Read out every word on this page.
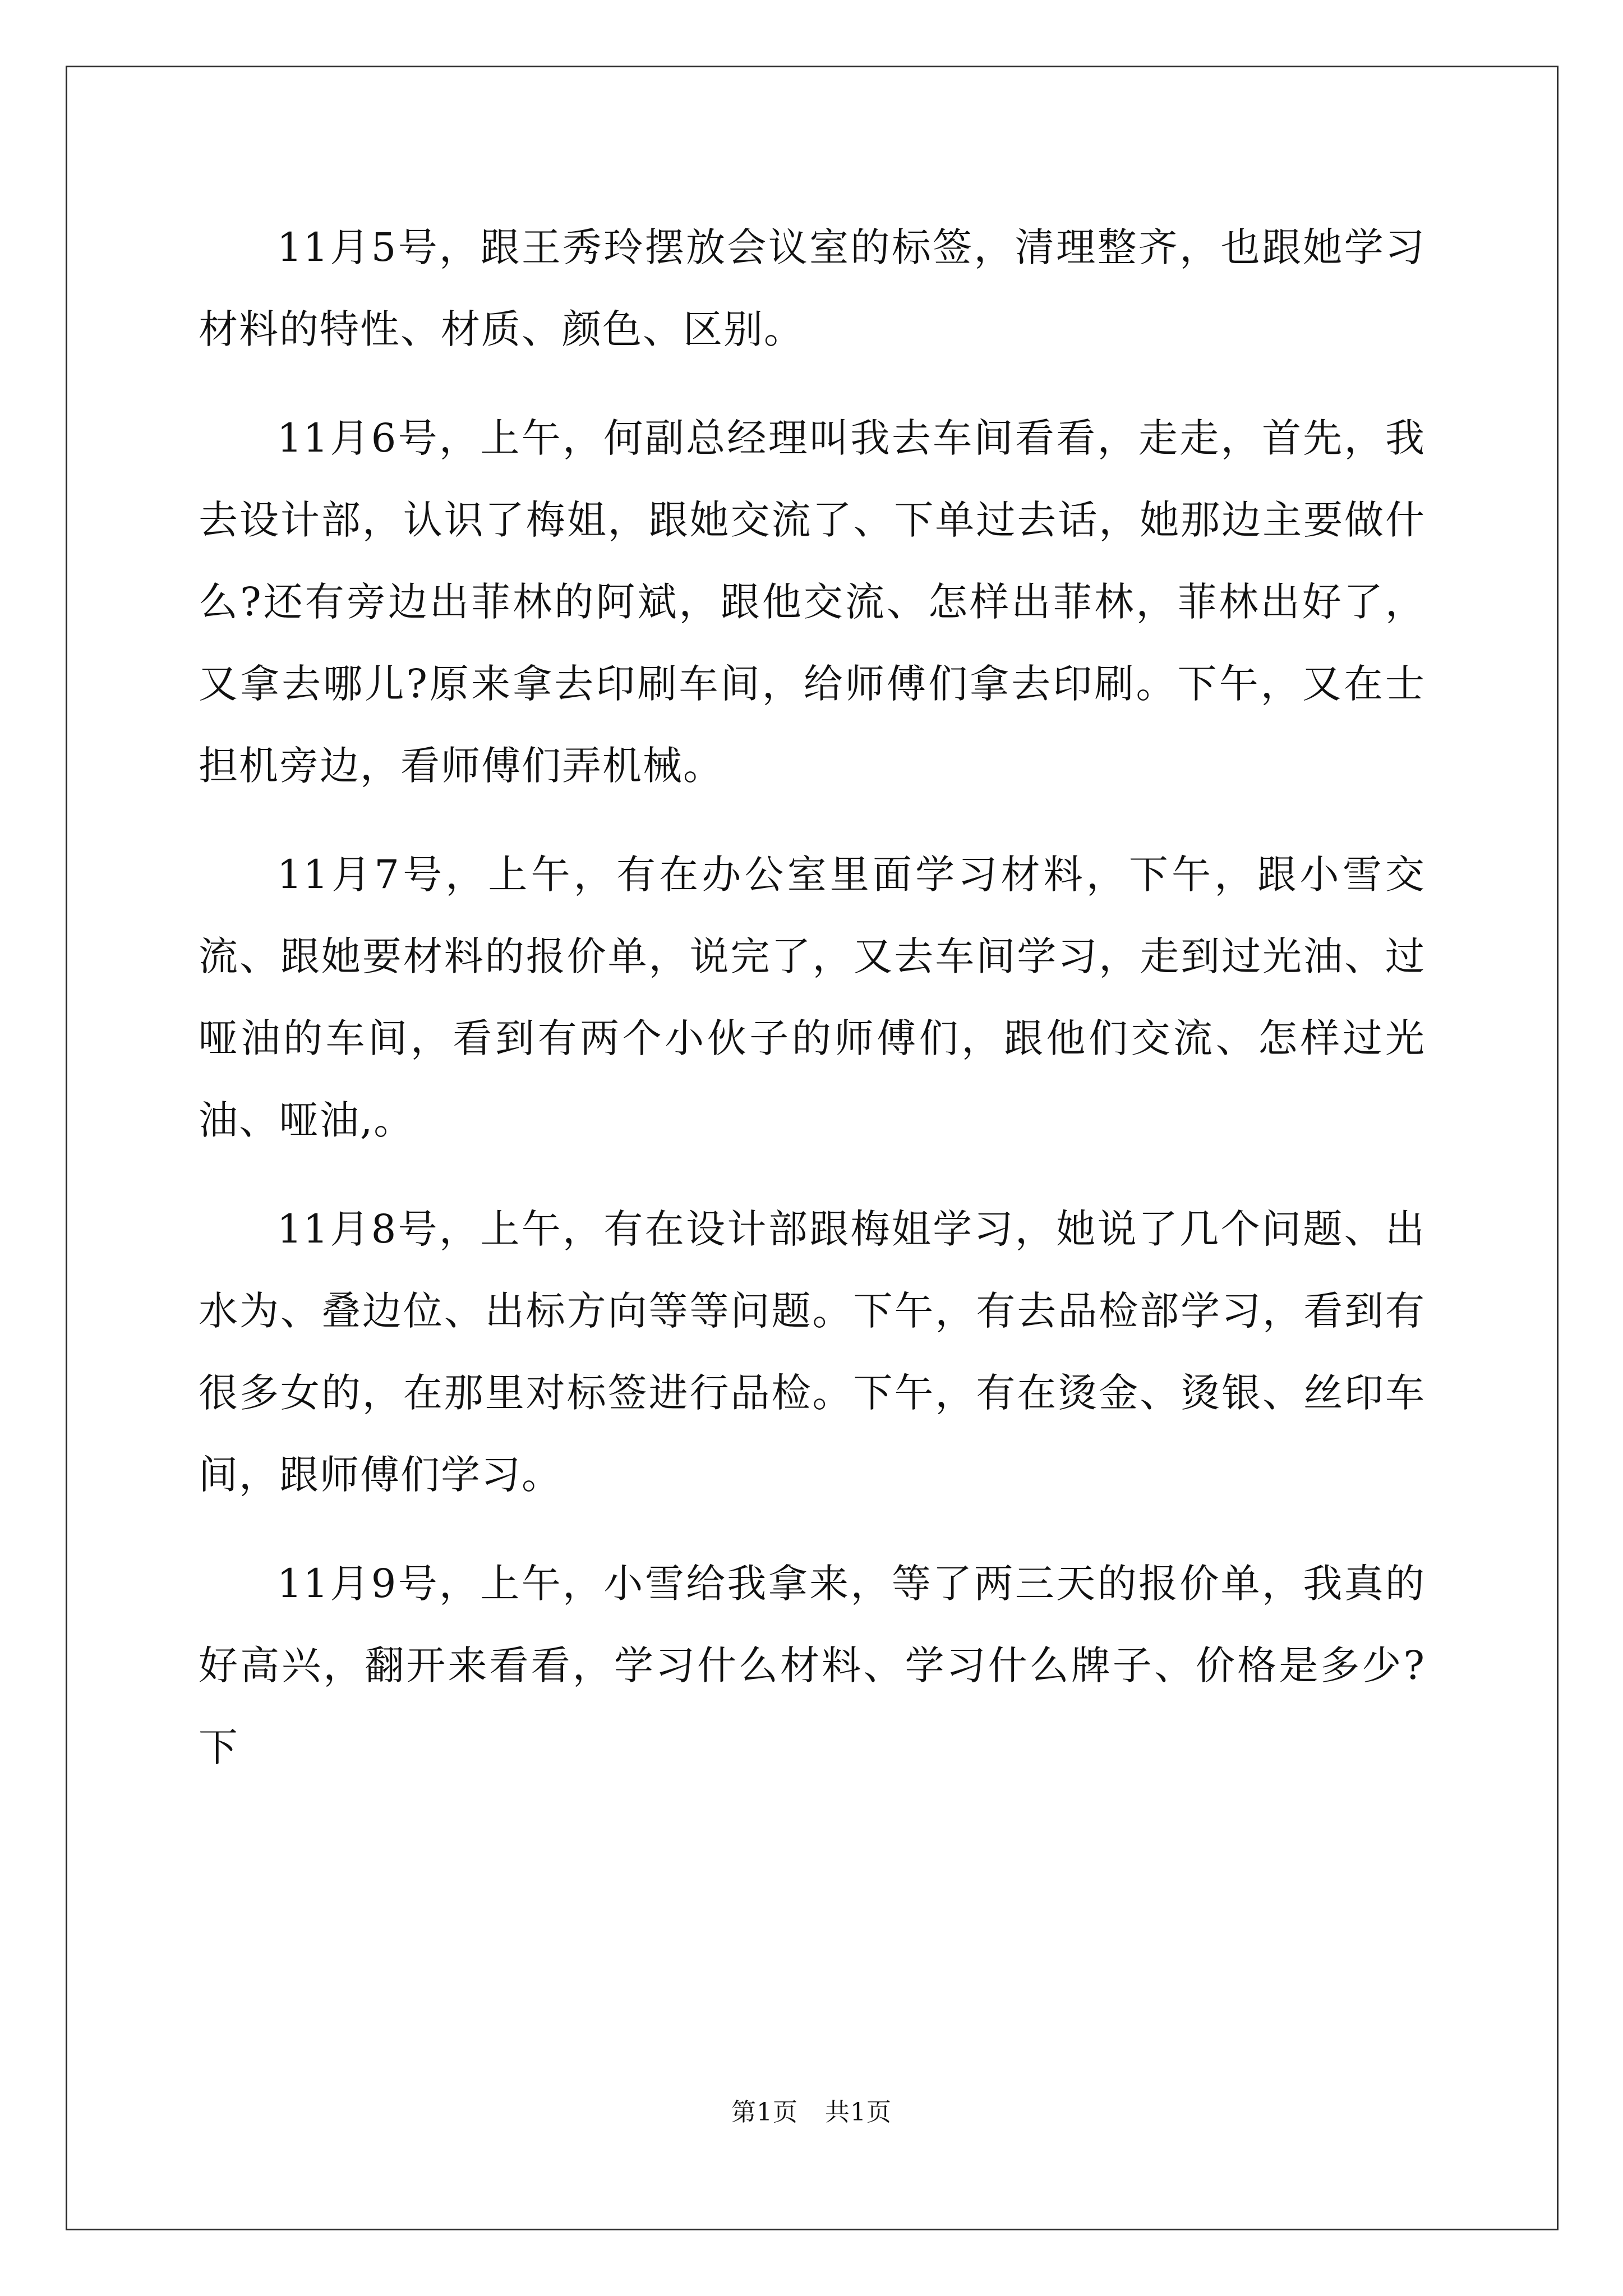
11月5号，跟王秀玲摆放会议室的标签，清理整齐，也跟她学习材料的特性、材质、颜色、区别。

11月6号，上午，何副总经理叫我去车间看看，走走，首先，我去设计部，认识了梅姐，跟她交流了、下单过去话，她那边主要做什么?还有旁边出菲林的阿斌，跟他交流、怎样出菲林，菲林出好了，又拿去哪儿?原来拿去印刷车间，给师傅们拿去印刷。下午，又在士担机旁边，看师傅们弄机械。

11月7号，上午，有在办公室里面学习材料，下午，跟小雪交流、跟她要材料的报价单，说完了，又去车间学习，走到过光油、过哑油的车间，看到有两个小伙子的师傅们，跟他们交流、怎样过光油、哑油,。

11月8号，上午，有在设计部跟梅姐学习，她说了几个问题、出水为、叠边位、出标方向等等问题。下午，有去品检部学习，看到有很多女的，在那里对标签进行品检。下午，有在烫金、烫银、丝印车间，跟师傅们学习。

11月9号，上午，小雪给我拿来，等了两三天的报价单，我真的好高兴，翻开来看看，学习什么材料、学习什么牌子、价格是多少?下

第1页 共1页
